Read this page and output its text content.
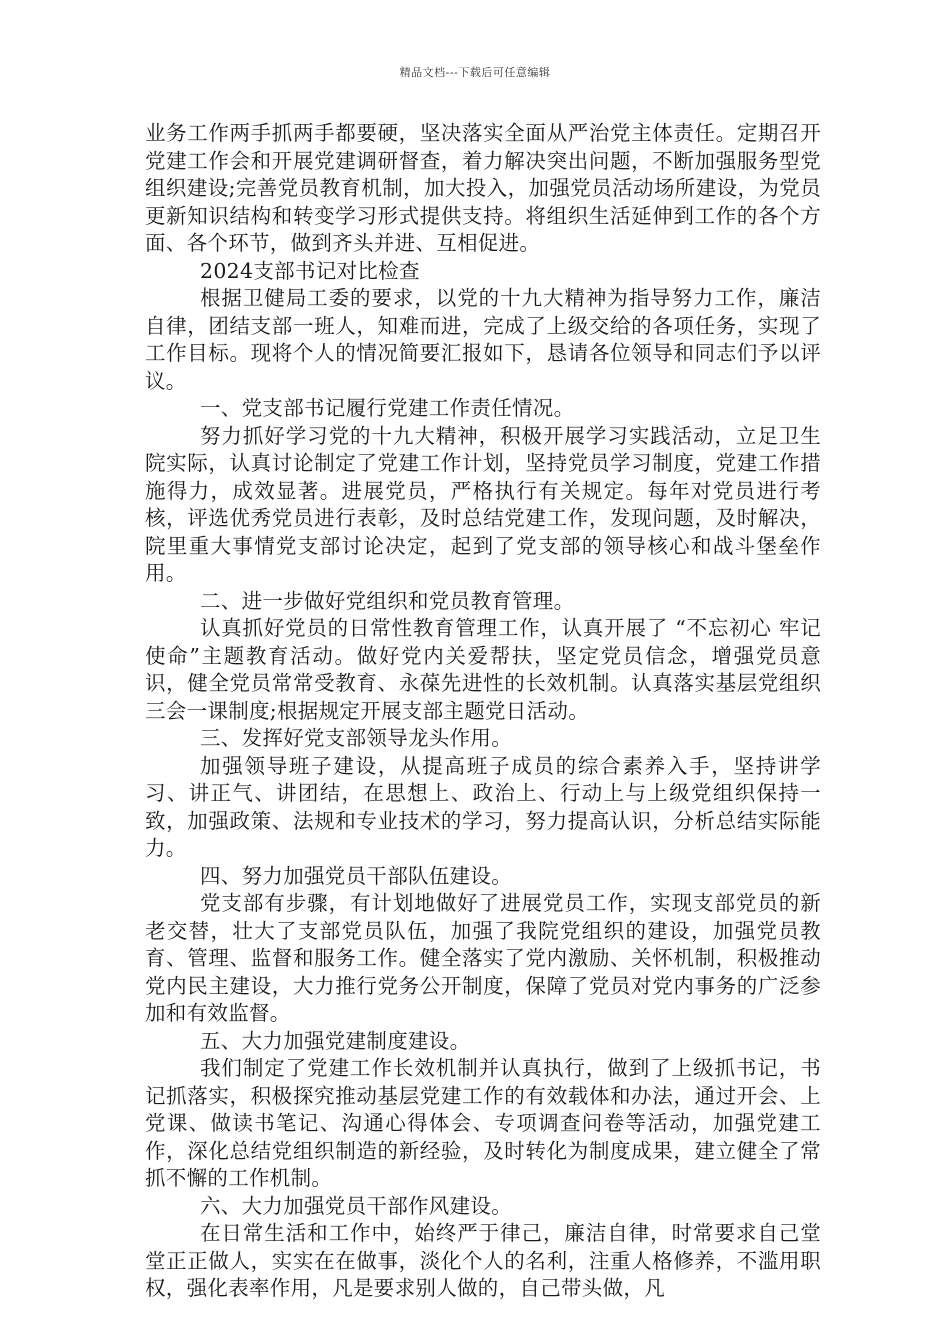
精品文档---下载后可任意编辑

业务工作两手抓两手都要硬，坚决落实全面从严治党主体责任。定期召开党建工作会和开展党建调研督查，着力解决突出问题，不断加强服务型党组织建设;完善党员教育机制，加大投入，加强党员活动场所建设，为党员更新知识结构和转变学习形式提供支持。将组织生活延伸到工作的各个方面、各个环节，做到齐头并进、互相促进。

2024支部书记对比检查

根据卫健局工委的要求，以党的十九大精神为指导努力工作，廉洁自律，团结支部一班人，知难而进，完成了上级交给的各项任务，实现了工作目标。现将个人的情况简要汇报如下，恳请各位领导和同志们予以评议。

一、党支部书记履行党建工作责任情况。

努力抓好学习党的十九大精神，积极开展学习实践活动，立足卫生院实际，认真讨论制定了党建工作计划，坚持党员学习制度，党建工作措施得力，成效显著。进展党员，严格执行有关规定。每年对党员进行考核，评选优秀党员进行表彰，及时总结党建工作，发现问题，及时解决，院里重大事情党支部讨论决定，起到了党支部的领导核心和战斗堡垒作用。

二、进一步做好党组织和党员教育管理。

认真抓好党员的日常性教育管理工作，认真开展了 “不忘初心 牢记使命”主题教育活动。做好党内关爱帮扶，坚定党员信念，增强党员意识，健全党员常常受教育、永葆先进性的长效机制。认真落实基层党组织三会一课制度;根据规定开展支部主题党日活动。

三、发挥好党支部领导龙头作用。

加强领导班子建设，从提高班子成员的综合素养入手，坚持讲学习、讲正气、讲团结，在思想上、政治上、行动上与上级党组织保持一致，加强政策、法规和专业技术的学习，努力提高认识，分析总结实际能力。

四、努力加强党员干部队伍建设。

党支部有步骤，有计划地做好了进展党员工作，实现支部党员的新老交替，壮大了支部党员队伍，加强了我院党组织的建设，加强党员教育、管理、监督和服务工作。健全落实了党内激励、关怀机制，积极推动党内民主建设，大力推行党务公开制度，保障了党员对党内事务的广泛参加和有效监督。

五、大力加强党建制度建设。

我们制定了党建工作长效机制并认真执行，做到了上级抓书记，书记抓落实，积极探究推动基层党建工作的有效载体和办法，通过开会、上党课、做读书笔记、沟通心得体会、专项调查问卷等活动，加强党建工作，深化总结党组织制造的新经验，及时转化为制度成果，建立健全了常抓不懈的工作机制。

六、大力加强党员干部作风建设。

在日常生活和工作中，始终严于律己，廉洁自律，时常要求自己堂堂正正做人，实实在在做事，淡化个人的名利，注重人格修养，不滥用职权，强化表率作用，凡是要求别人做的，自己带头做，凡
